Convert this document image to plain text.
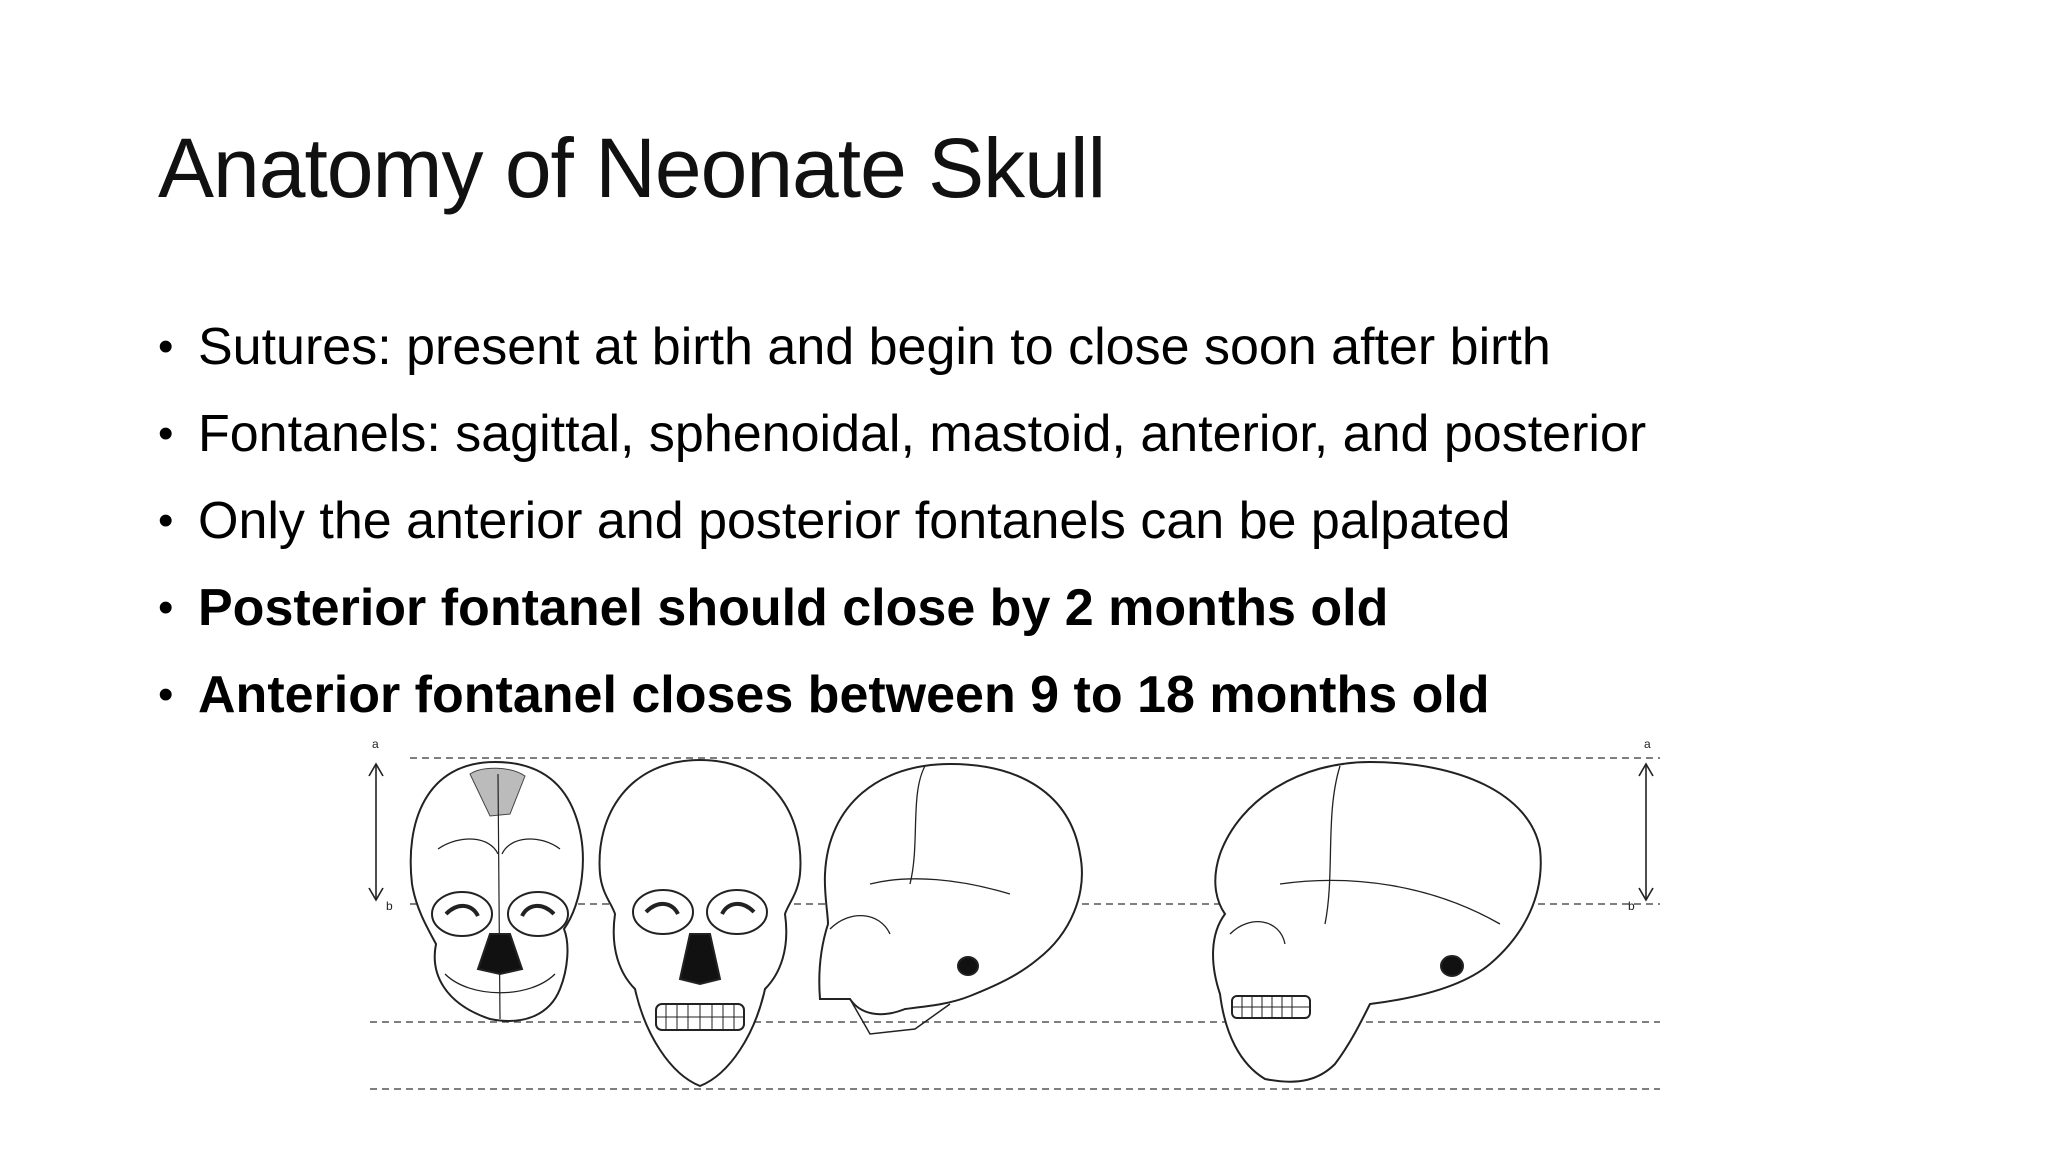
Anatomy of Neonate Skull
• Sutures: present at birth and begin to close soon after birth
• Fontanels: sagittal, sphenoidal, mastoid, anterior, and posterior
• Only the anterior and posterior fontanels can be palpated
• Posterior fontanel should close by 2 months old
• Anterior fontanel closes between 9 to 18 months old
a
b
a
b
